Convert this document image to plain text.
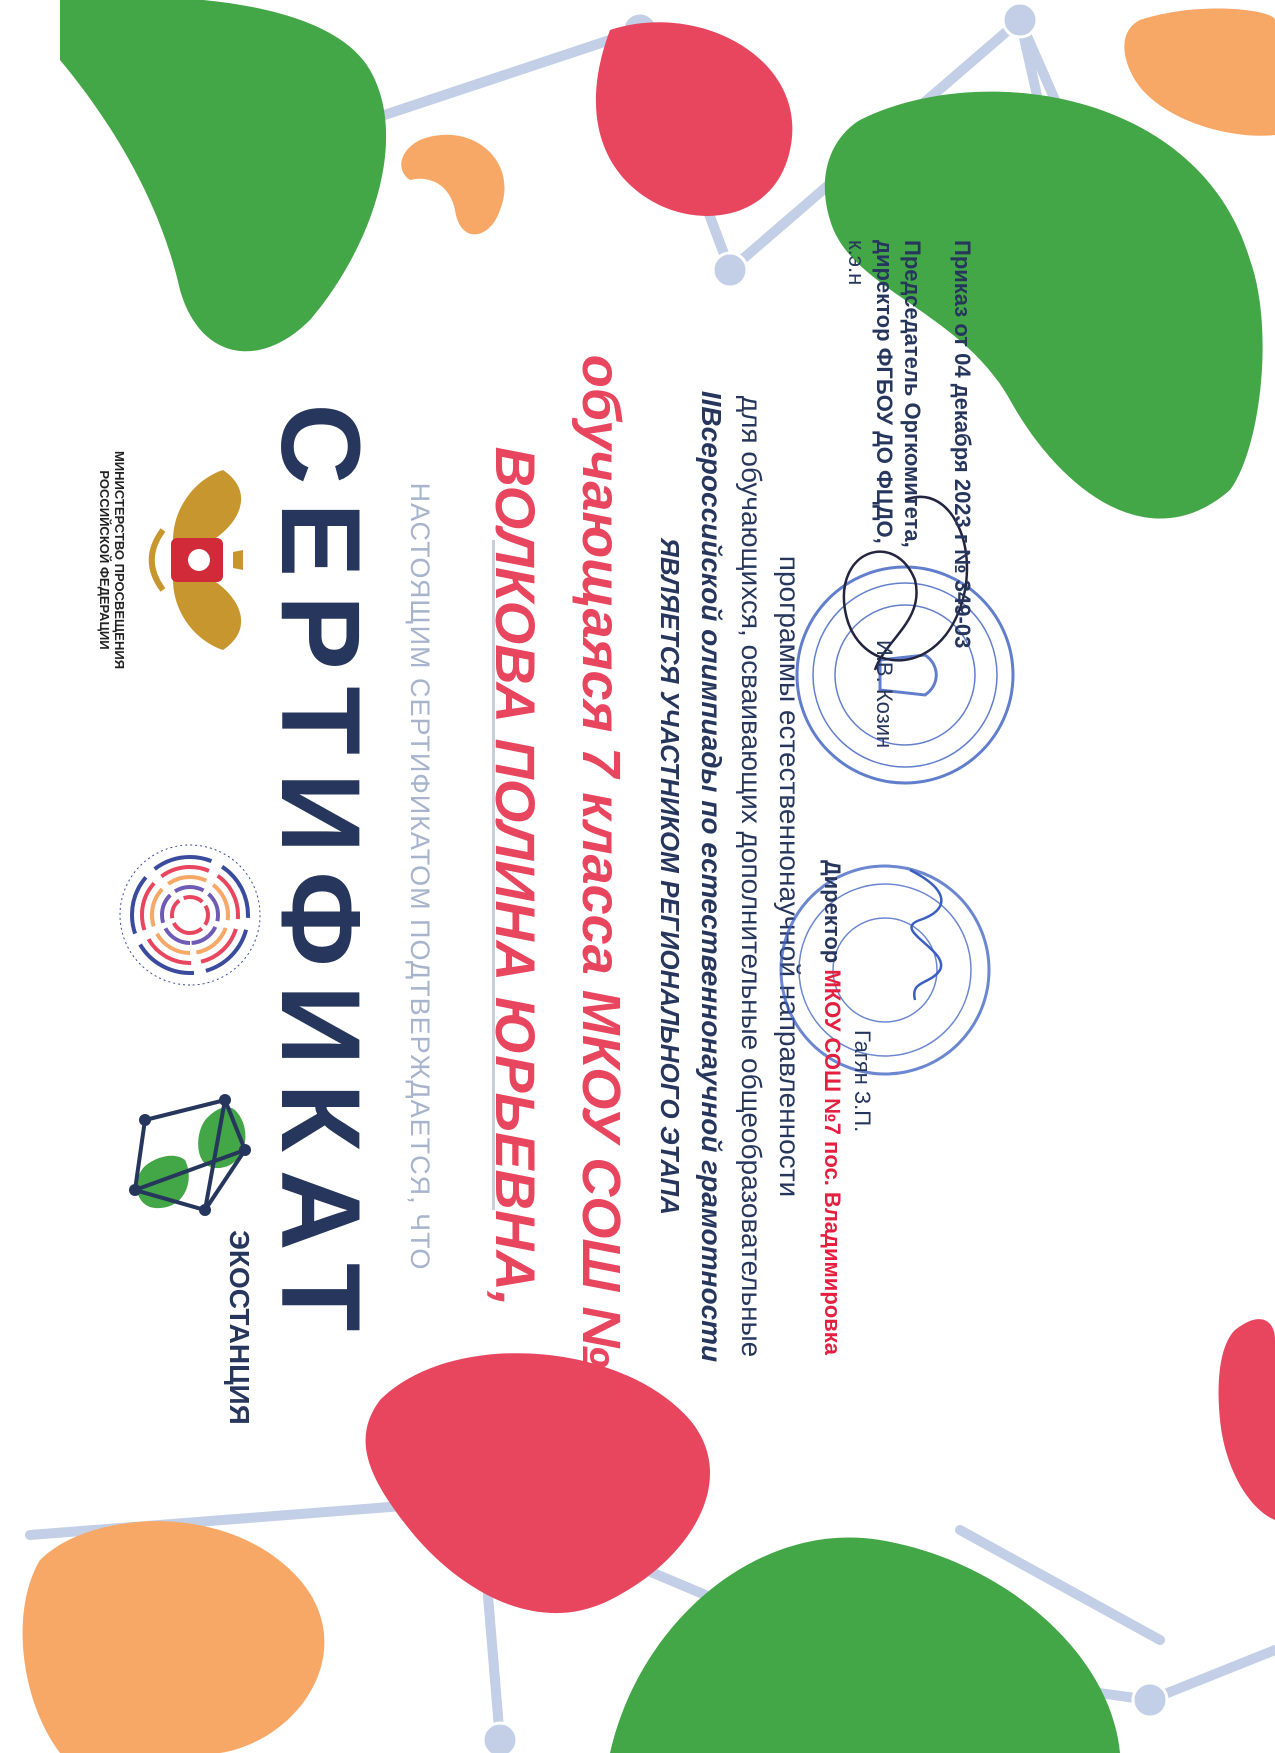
МИНИСТЕРСТВО ПРОСВЕЩЕНИЯ РОССИЙСКОЙ ФЕДЕРАЦИИ
ЭКОСТАНЦИЯ СЕРТИФИКАТ НАСТОЯЩИМ СЕРТИФИКАТОМ ПОДТВЕРЖДАЕТСЯ, ЧТО ВОЛКОВА ПОЛИНА ЮРЬЕВНА, обучающаяся 7 класса МКОУ СОШ №7 ЯВЛЯЕТСЯ УЧАСТНИКОМ РЕГИОНАЛЬНОГО ЭТАПА IIВсероссийской олимпиады по естественнонаучной грамотности для обучающихся, осваивающих дополнительные общеобразовательные программы естественнонаучной направленности
Председатель Оргкомитета,
директор ФГБОУ ДО ФЦДО,
к.э.н
И.В. Козин
Директор МКОУ СОШ №7 пос. Владимировка Гагян З.П.
Приказ от 04 декабря 2023 г № 349-03
